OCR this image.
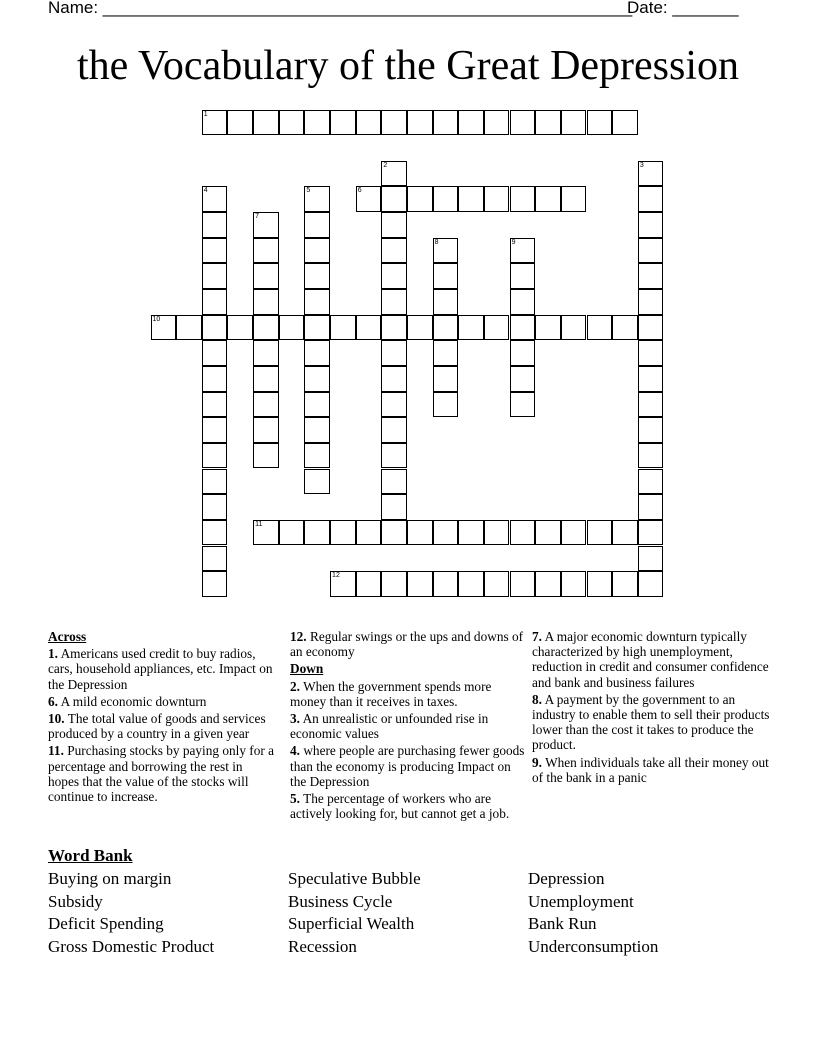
Name: ________________________________________________________
Date: _______
the Vocabulary of the Great Depression
1
2	3
4	5	6
7
8	9
10
11
12

Across

1. Americans used credit to buy radios, cars, household appliances, etc. Impact on the Depression

6. A mild economic downturn

10. The total value of goods and services produced by a country in a given year

11. Purchasing stocks by paying only for a percentage and borrowing the rest in hopes that the value of the stocks will continue to increase.

12. Regular swings or the ups and downs of an economy

Down

2. When the government spends more money than it receives in taxes.

3. An unrealistic or unfounded rise in economic values

4. where people are purchasing fewer goods than the economy is producing Impact on the Depression

5. The percentage of workers who are actively looking for, but cannot get a job.

7. A major economic downturn typically characterized by high unemployment, reduction in credit and consumer confidence and bank and business failures

8. A payment by the government to an industry to enable them to sell their products lower than the cost it takes to produce the product.

9. When individuals take all their money out of the bank in a panic

Word Bank
Buying on margin
Subsidy
Deficit Spending
Gross Domestic Product
Speculative Bubble
Business Cycle
Superficial Wealth
Recession
Depression
Unemployment
Bank Run
Underconsumption
